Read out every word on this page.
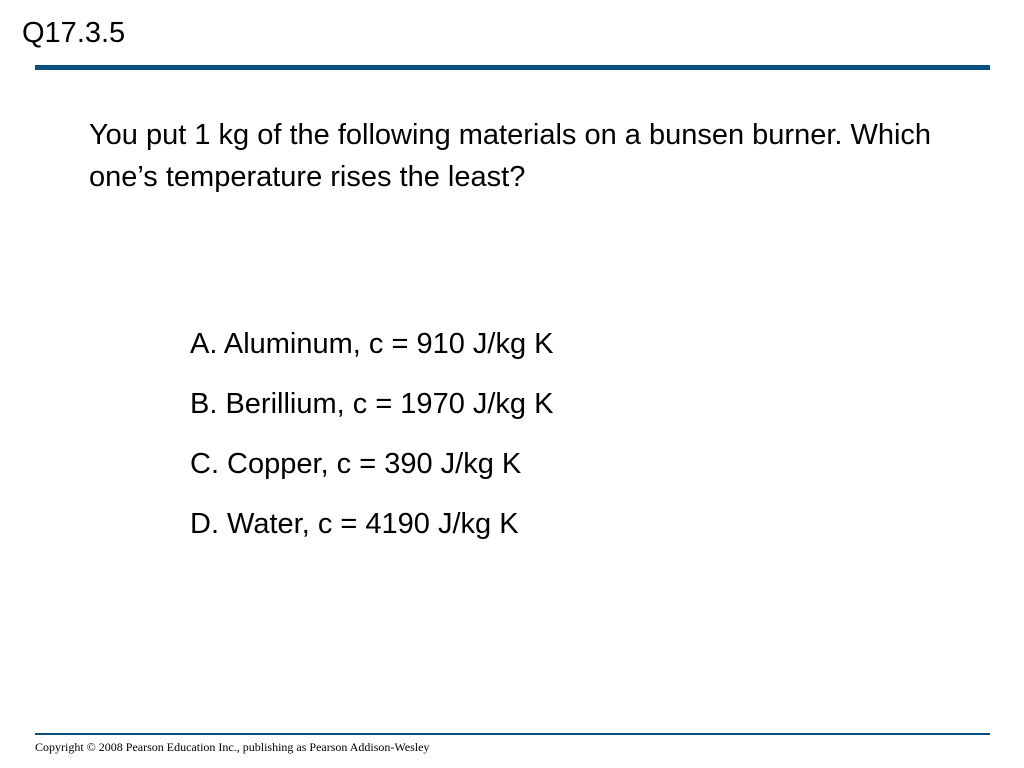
Q17.3.5
You put 1 kg of the following materials on a bunsen burner. Which one’s temperature rises the least?
A. Aluminum, c = 910 J/kg K
B. Berillium, c = 1970 J/kg K
C. Copper, c = 390 J/kg K
D. Water, c = 4190 J/kg K
Copyright © 2008 Pearson Education Inc., publishing as Pearson Addison-Wesley
